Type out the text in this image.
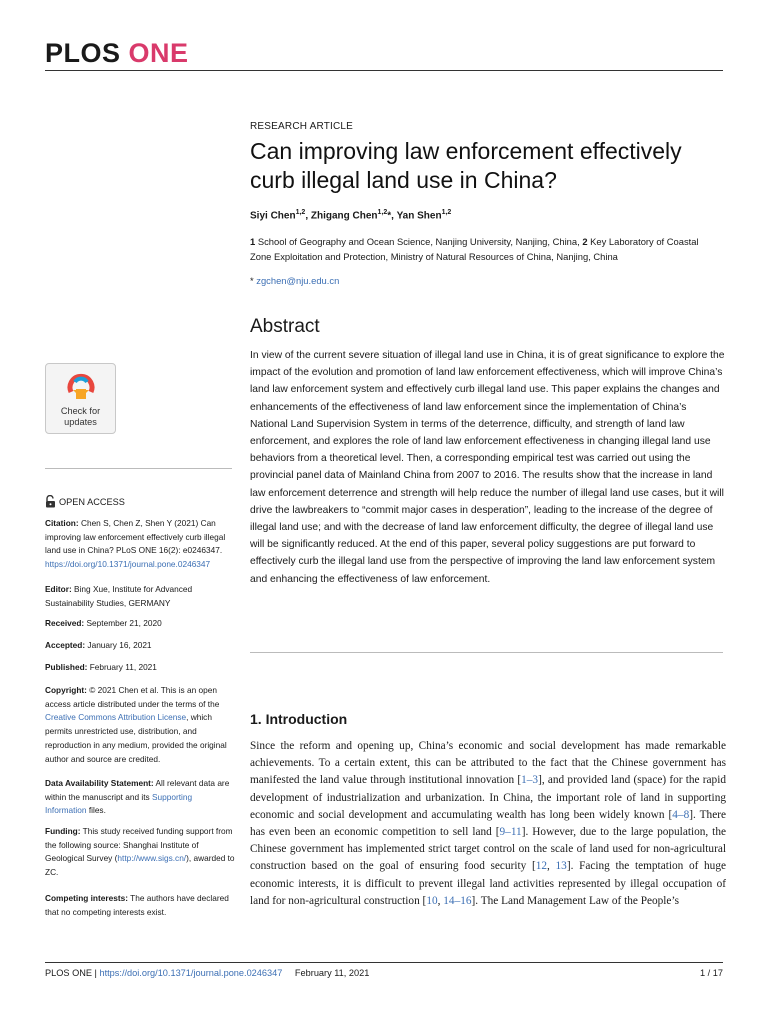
PLOS ONE
RESEARCH ARTICLE
Can improving law enforcement effectively curb illegal land use in China?
Siyi Chen$^{1,2}$, Zhigang Chen$^{1,2}$*, Yan Shen$^{1,2}$
1 School of Geography and Ocean Science, Nanjing University, Nanjing, China, 2 Key Laboratory of Coastal Zone Exploitation and Protection, Ministry of Natural Resources of China, Nanjing, China
* zgchen@nju.edu.cn
Abstract

In view of the current severe situation of illegal land use in China, it is of great significance to explore the impact of the evolution and promotion of land law enforcement effectiveness, which will improve China’s land law enforcement system and effectively curb illegal land use. This paper explains the changes and enhancements of the effectiveness of land law enforcement since the implementation of China’s National Land Supervision System in terms of the deterrence, difficulty, and strength of land law enforcement, and explores the role of land law enforcement effectiveness in changing illegal land use behaviors from a theoretical level. Then, a corresponding empirical test was carried out using the provincial panel data of Mainland China from 2007 to 2016. The results show that the increase in land law enforcement deterrence and strength will help reduce the number of illegal land use cases, but it will drive the lawbreakers to “commit major cases in desperation”, leading to the increase of the degree of illegal land use; and with the decrease of land law enforcement difficulty, the degree of illegal land use will be significantly reduced. At the end of this paper, several policy suggestions are put forward to effectively curb the illegal land use from the perspective of improving the land law enforcement system and enhancing the effectiveness of law enforcement.

1. Introduction

Since the reform and opening up, China’s economic and social development has made remarkable achievements. To a certain extent, this can be attributed to the fact that the Chinese government has manifested the land value through institutional innovation [1–3], and provided land (space) for the rapid development of industrialization and urbanization. In China, the important role of land in supporting economic and social development and accumulating wealth has long been widely known [4–8]. There has even been an economic competition to sell land [9–11]. However, due to the large population, the Chinese government has implemented strict target control on the scale of land used for non-agricultural construction based on the goal of ensuring food security [12, 13]. Facing the temptation of huge economic interests, it is difficult to prevent illegal land activities represented by illegal occupation of land for non-agricultural construction [10, 14–16]. The Land Management Law of the People’s

Check for
updates
OPEN ACCESS

Citation: Chen S, Chen Z, Shen Y (2021) Can improving law enforcement effectively curb illegal land use in China? PLoS ONE 16(2): e0246347. https://doi.org/10.1371/journal.pone.0246347

Editor: Bing Xue, Institute for Advanced Sustainability Studies, GERMANY

Received: September 21, 2020

Accepted: January 16, 2021

Published: February 11, 2021

Copyright: © 2021 Chen et al. This is an open access article distributed under the terms of the Creative Commons Attribution License, which permits unrestricted use, distribution, and reproduction in any medium, provided the original author and source are credited.

Data Availability Statement: All relevant data are within the manuscript and its Supporting Information files.

Funding: This study received funding support from the following source: Shanghai Institute of Geological Survey (http://www.sigs.cn/), awarded to ZC.

Competing interests: The authors have declared that no competing interests exist.

PLOS ONE | https://doi.org/10.1371/journal.pone.0246347 February 11, 2021	1 / 17
